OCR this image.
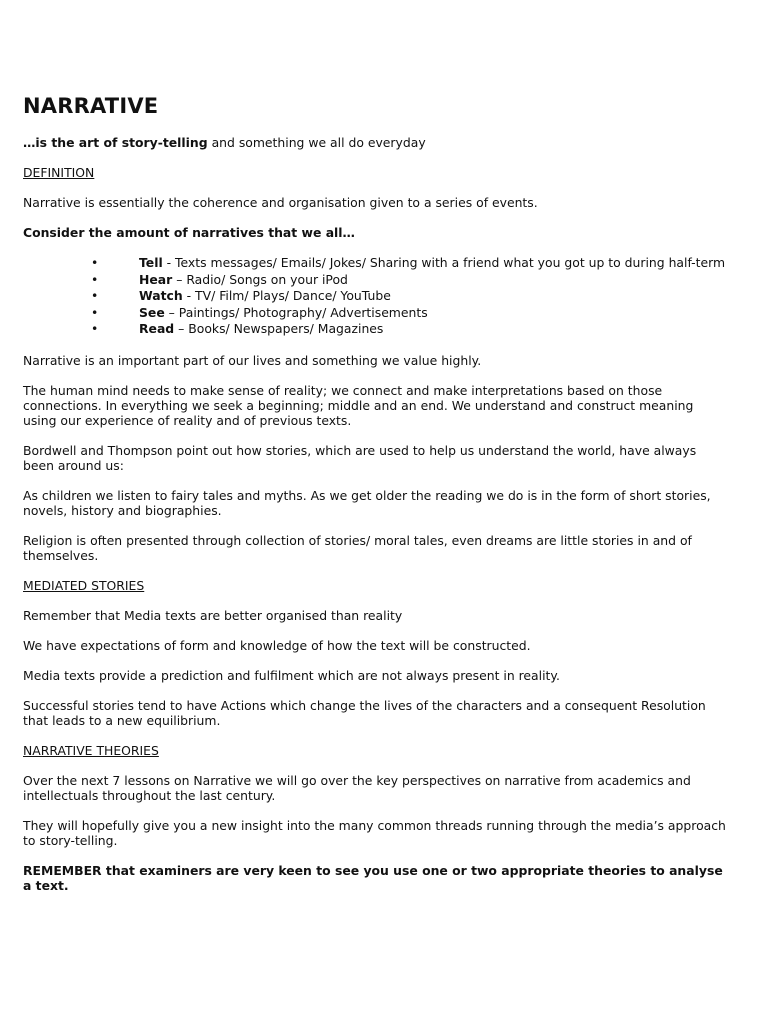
NARRATIVE

…is the art of story-telling and something we all do everyday

DEFINITION

Narrative is essentially the coherence and organisation given to a series of events.

Consider the amount of narratives that we all…

•	Tell - Texts messages/ Emails/ Jokes/ Sharing with a friend what you got up to during half-term
•	Hear – Radio/ Songs on your iPod
•	Watch - TV/ Film/ Plays/ Dance/ YouTube
•	See – Paintings/ Photography/ Advertisements
•	Read – Books/ Newspapers/ Magazines

Narrative is an important part of our lives and something we value highly.

The human mind needs to make sense of reality; we connect and make interpretations based on those connections. In everything we seek a beginning; middle and an end. We understand and construct meaning using our experience of reality and of previous texts.

Bordwell and Thompson point out how stories, which are used to help us understand the world, have always been around us:

As children we listen to fairy tales and myths. As we get older the reading we do is in the form of short stories, novels, history and biographies.

Religion is often presented through collection of stories/ moral tales, even dreams are little stories in and of themselves.

MEDIATED STORIES

Remember that Media texts are better organised than reality

We have expectations of form and knowledge of how the text will be constructed.

Media texts provide a prediction and fulfilment which are not always present in reality.

Successful stories tend to have Actions which change the lives of the characters and a consequent Resolution that leads to a new equilibrium.

NARRATIVE THEORIES

Over the next 7 lessons on Narrative we will go over the key perspectives on narrative from academics and intellectuals throughout the last century.

They will hopefully give you a new insight into the many common threads running through the media’s approach to story-telling.

REMEMBER that examiners are very keen to see you use one or two appropriate theories to analyse a text.
